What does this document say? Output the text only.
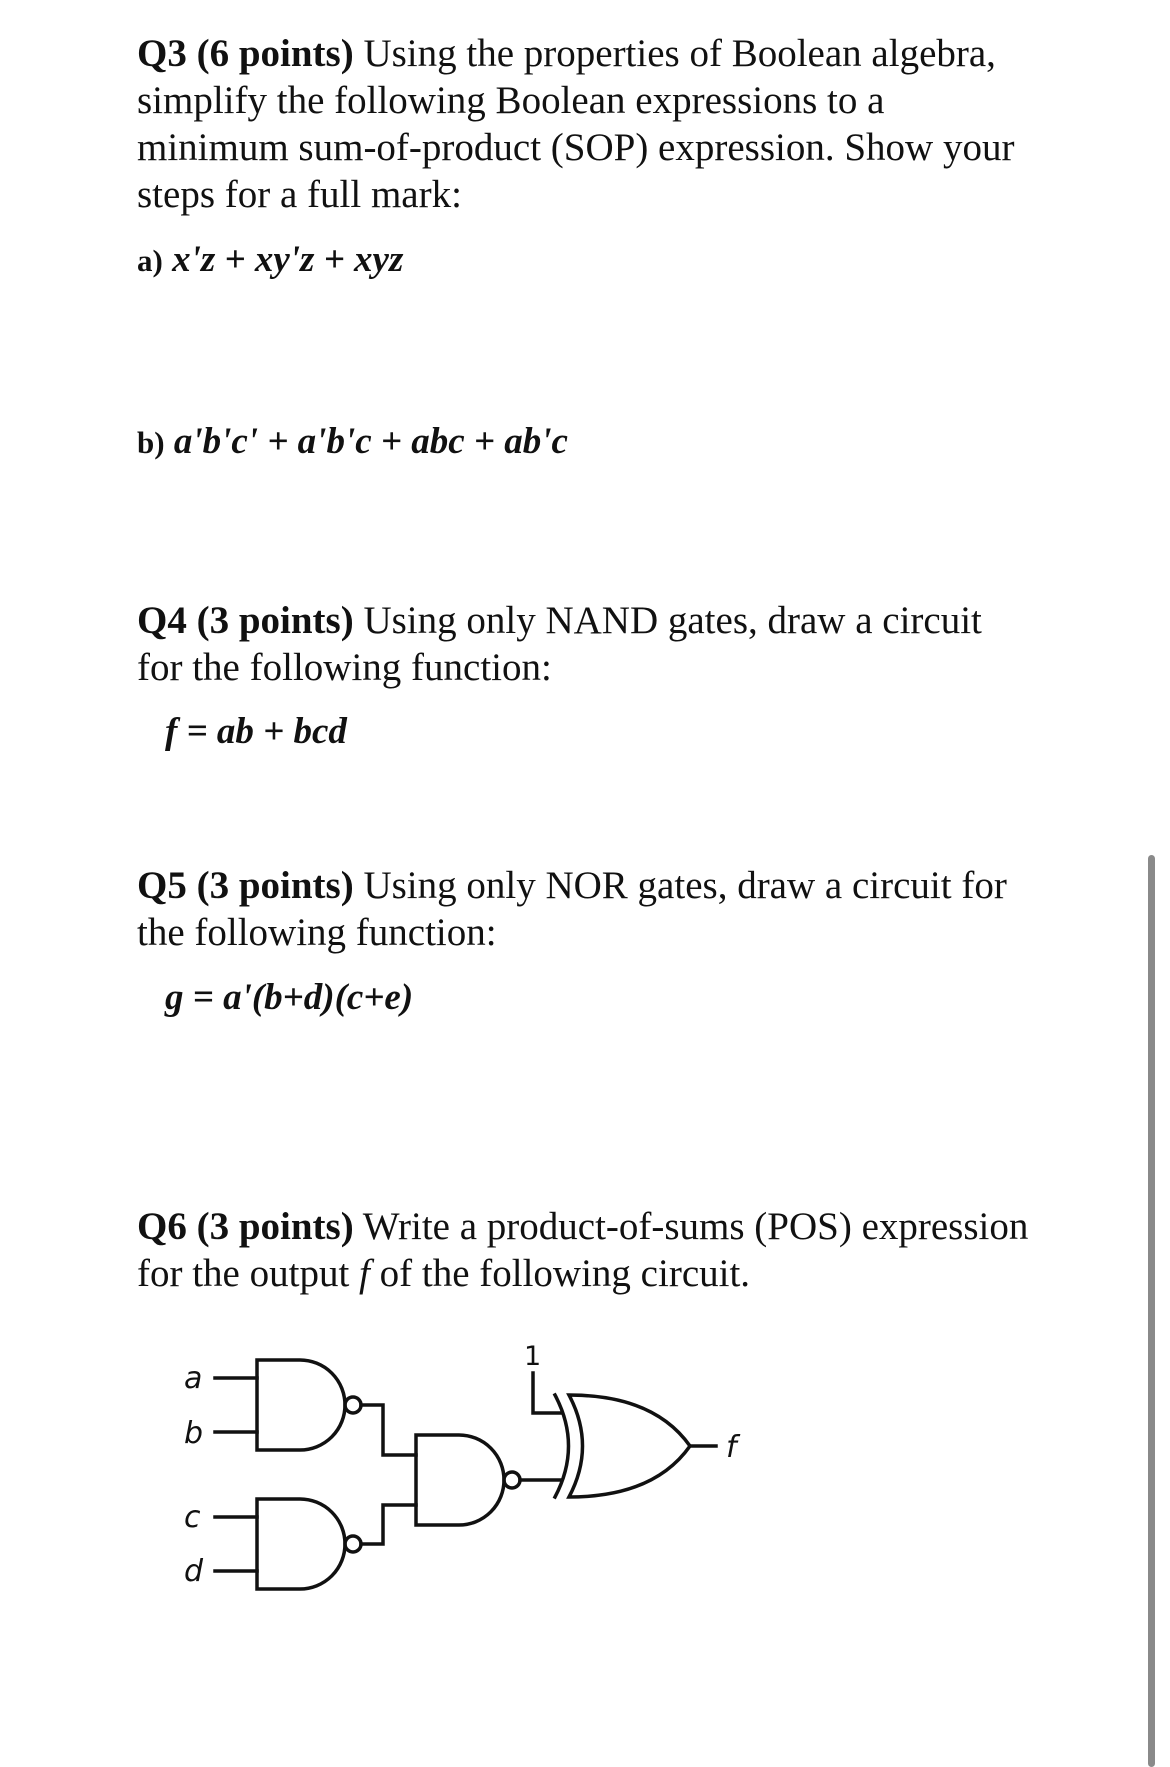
Q3 (6 points) Using the properties of Boolean algebra, simplify the following Boolean expressions to a minimum sum-of-product (SOP) expression. Show your steps for a full mark:
a) x'z + xy'z + xyz
b) a'b'c' + a'b'c + abc + ab'c
Q4 (3 points) Using only NAND gates, draw a circuit for the following function:
f = ab + bcd
Q5 (3 points) Using only NOR gates, draw a circuit for the following function:
g = a'(b+d)(c+e)
Q6 (3 points) Write a product-of-sums (POS) expression for the output f of the following circuit.
a
b
c
d
1
f
